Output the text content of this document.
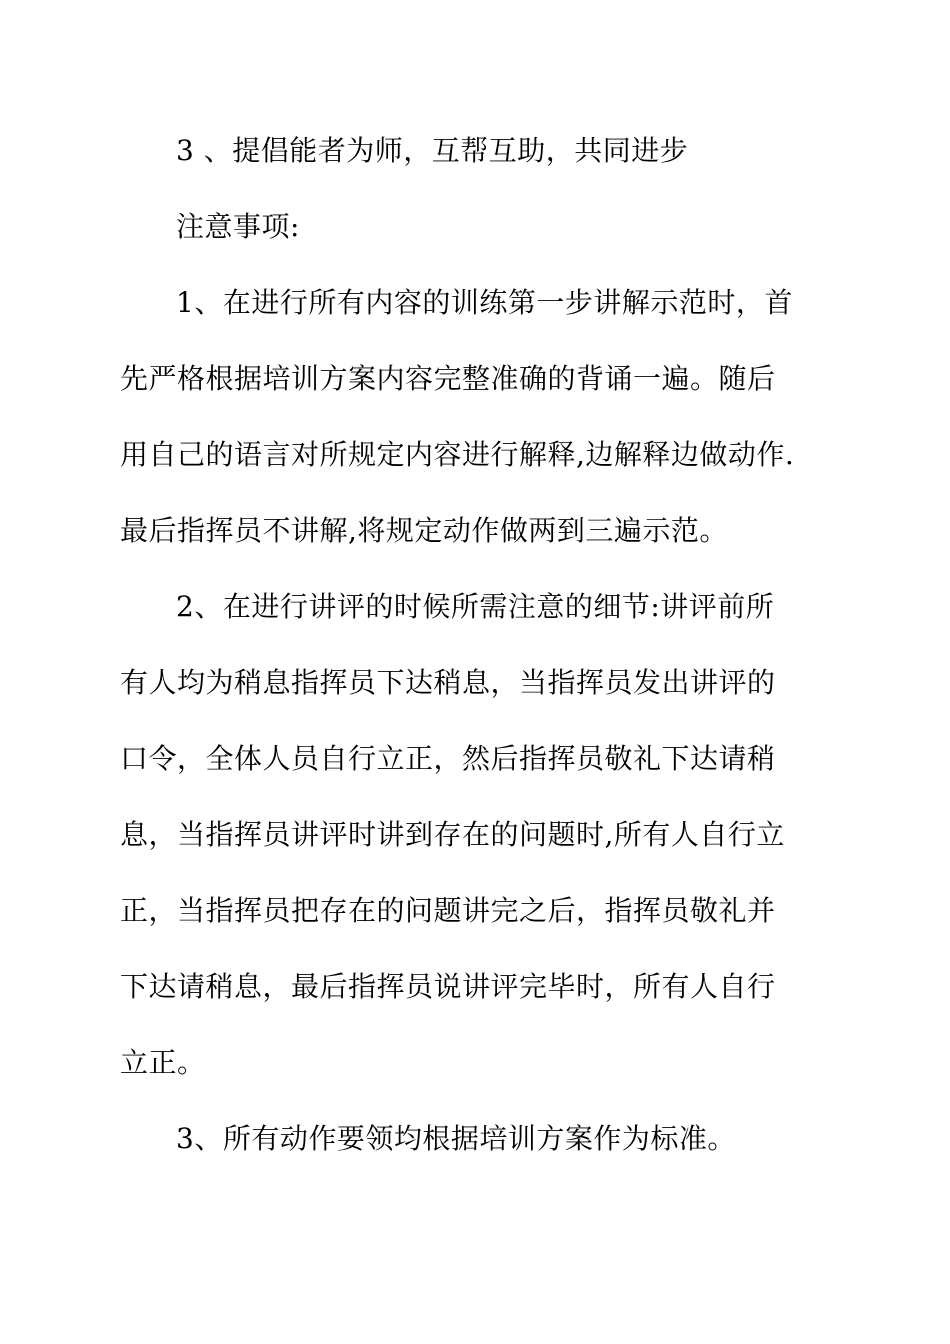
3 、提倡能者为师，互帮互助，共同进步
注意事项:
1、在进行所有内容的训练第一步讲解示范时，首
先严格根据培训方案内容完整准确的背诵一遍。随后
用自己的语言对所规定内容进行解释,边解释边做动作.
最后指挥员不讲解,将规定动作做两到三遍示范。
2、在进行讲评的时候所需注意的细节:讲评前所
有人均为稍息指挥员下达稍息，当指挥员发出讲评的
口令，全体人员自行立正，然后指挥员敬礼下达请稍
息，当指挥员讲评时讲到存在的问题时,所有人自行立
正，当指挥员把存在的问题讲完之后，指挥员敬礼并
下达请稍息，最后指挥员说讲评完毕时，所有人自行
立正。
3、所有动作要领均根据培训方案作为标准。
